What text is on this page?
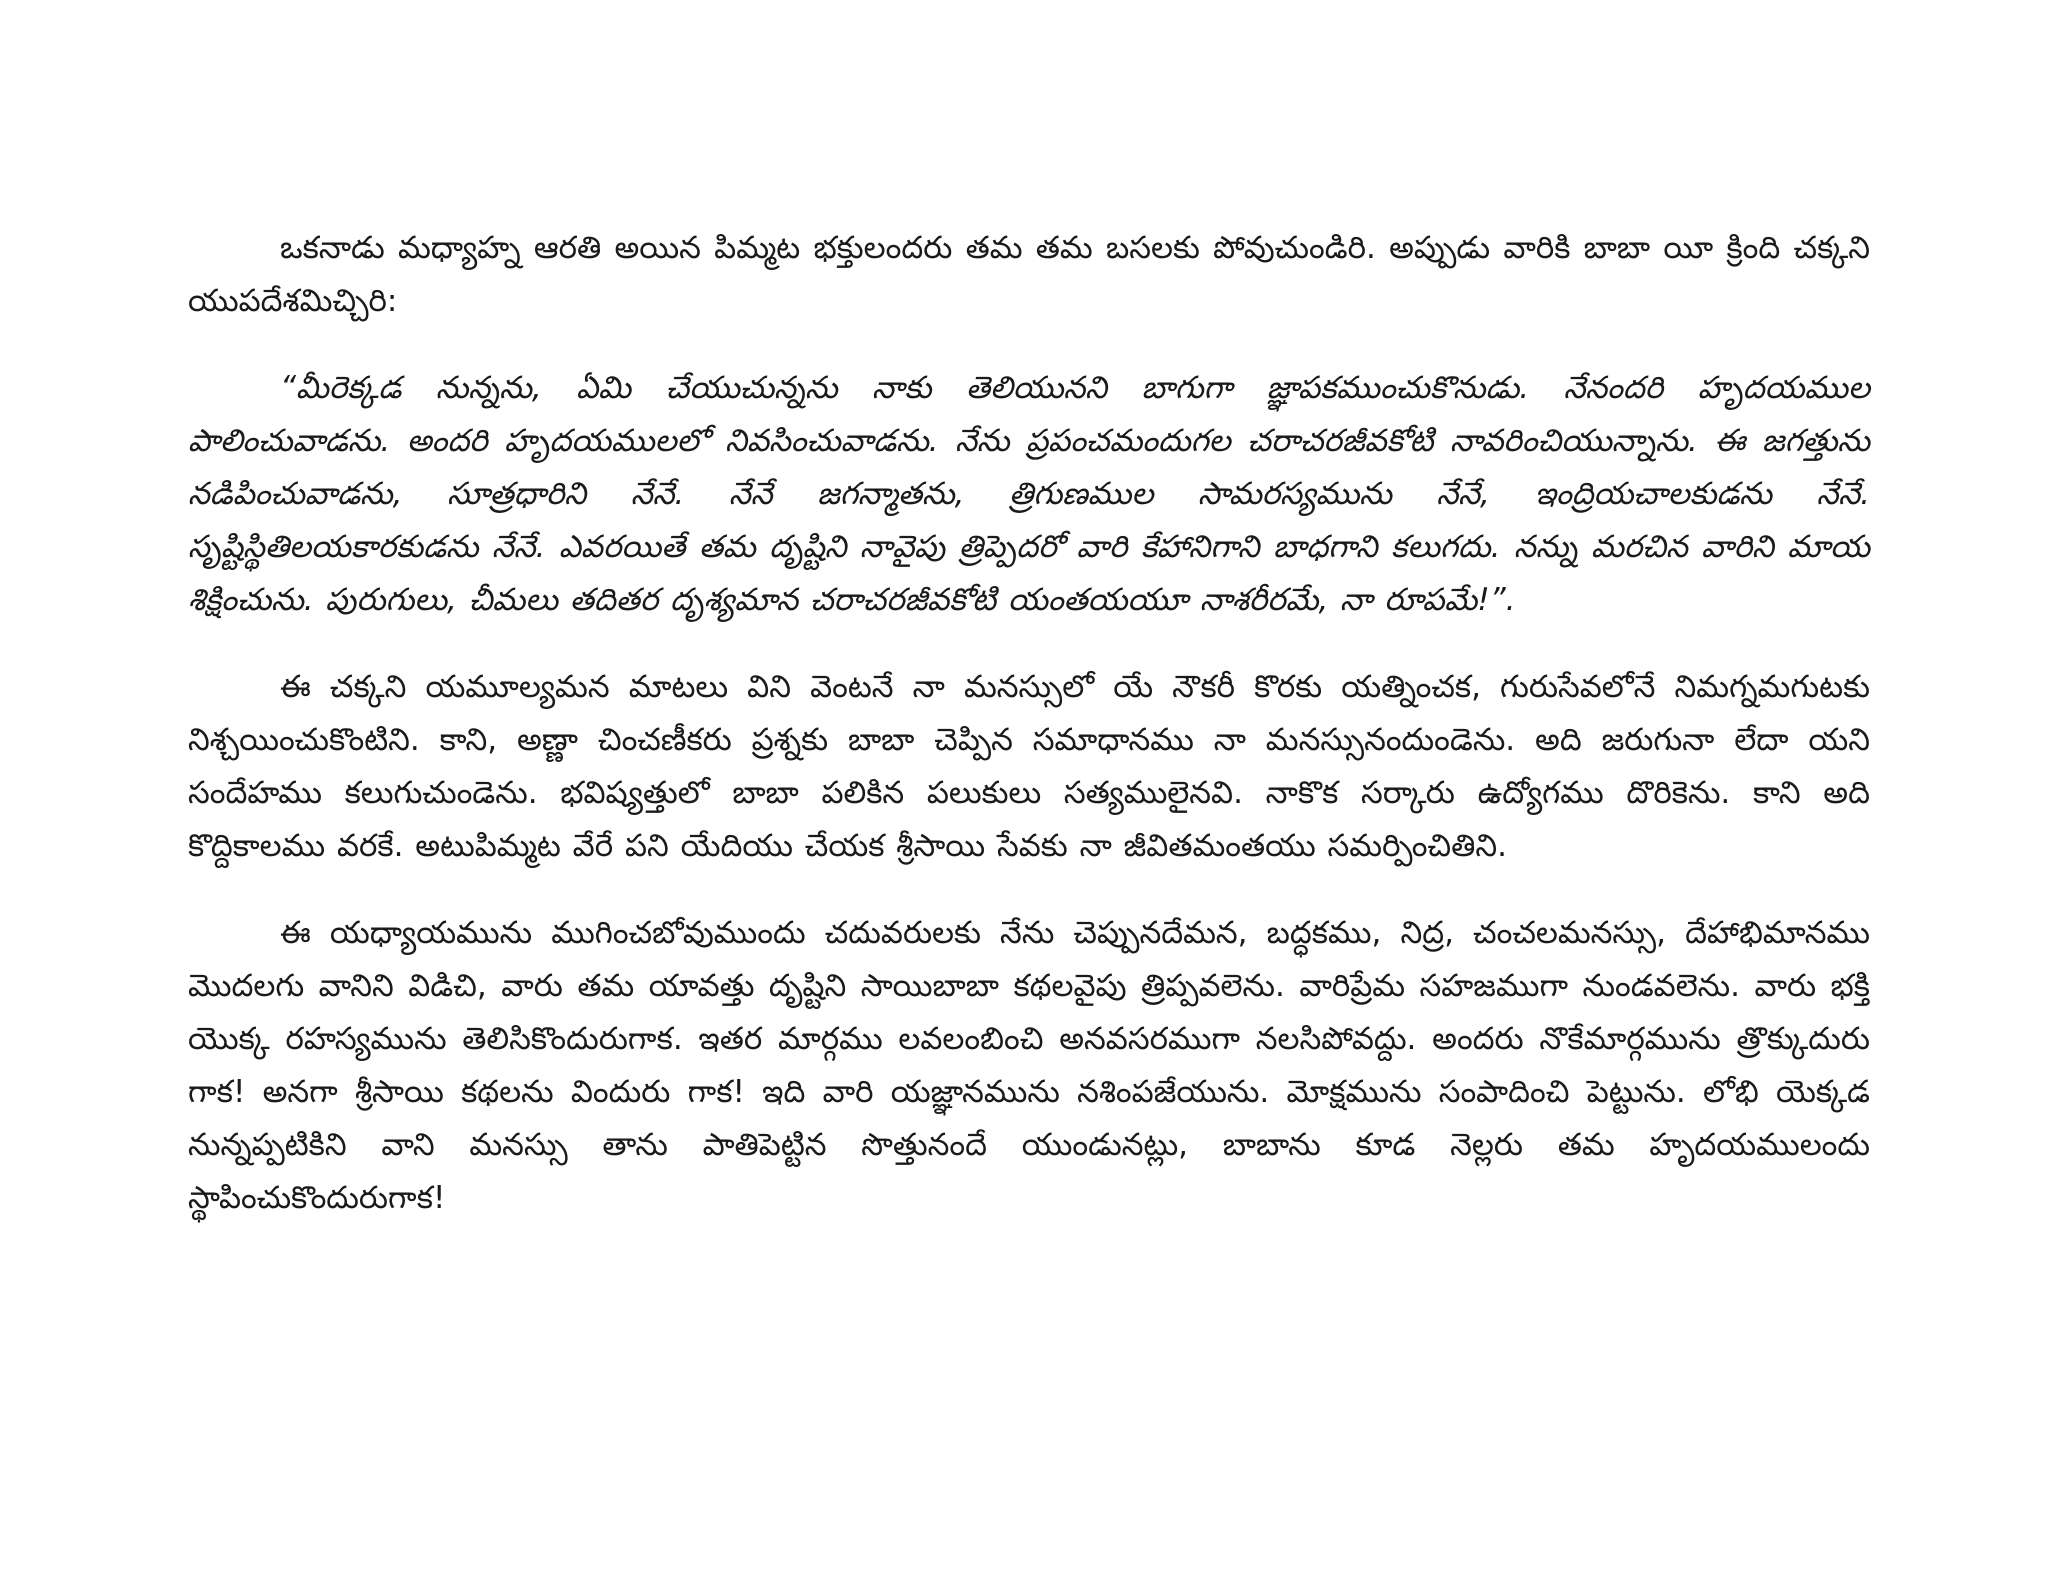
ఒకనాడు మధ్యాహ్న ఆరతి అయిన పిమ్మట భక్తులందరు తమ తమ బసలకు పోవుచుండిరి. అప్పుడు వారికి బాబా యీ క్రింది చక్కని యుపదేశమిచ్చిరి:

“మీరెక్కడ నున్నను, ఏమి చేయుచున్నను నాకు తెలియునని బాగుగా జ్ఞాపకముంచుకొనుడు. నేనందరి హృదయముల పాలించువాడను. అందరి హృదయములలో నివసించువాడను. నేను ప్రపంచమందుగల చరాచరజీవకోటి నావరించియున్నాను. ఈ జగత్తును నడిపించువాడను, సూత్రధారిని నేనే. నేనే జగన్మాతను, త్రిగుణముల సామరస్యమును నేనే, ఇంద్రియచాలకుడను నేనే. సృష్టిస్థితిలయకారకుడను నేనే. ఎవరయితే తమ దృష్టిని నావైపు త్రిప్పెదరో వారి కేహానిగాని బాధగాని కలుగదు. నన్ను మరచిన వారిని మాయ శిక్షించును. పురుగులు, చీమలు తదితర దృశ్యమాన చరాచరజీవకోటి యంతయయూ నాశరీరమే, నా రూపమే!”.

ఈ చక్కని యమూల్యమన మాటలు విని వెంటనే నా మనస్సులో యే నౌకరీ కొరకు యత్నించక, గురుసేవలోనే నిమగ్నమగుటకు నిశ్చయించుకొంటిని. కాని, అణ్ణా చించణీకరు ప్రశ్నకు బాబా చెప్పిన సమాధానము నా మనస్సునందుండెను. అది జరుగునా లేదా యని సందేహము కలుగుచుండెను. భవిష్యత్తులో బాబా పలికిన పలుకులు సత్యములైనవి. నాకొక సర్కారు ఉద్యోగము దొరికెను. కాని అది కొద్దికాలము వరకే. అటుపిమ్మట వేరే పని యేదియు చేయక శ్రీసాయి సేవకు నా జీవితమంతయు సమర్పించితిని.

ఈ యధ్యాయమును ముగించబోవుముందు చదువరులకు నేను చెప్పునదేమన, బద్ధకము, నిద్ర, చంచలమనస్సు, దేహాభిమానము మొదలగు వానిని విడిచి, వారు తమ యావత్తు దృష్టిని సాయిబాబా కథలవైపు త్రిప్పవలెను. వారిప్రేమ సహజముగా నుండవలెను. వారు భక్తి యొక్క రహస్యమును తెలిసికొందురుగాక. ఇతర మార్గము లవలంబించి అనవసరముగా నలసిపోవద్దు. అందరు నొకేమార్గమును త్రొక్కుదురు గాక! అనగా శ్రీసాయి కథలను విందురు గాక! ఇది వారి యజ్ఞానమును నశింపజేయును. మోక్షమును సంపాదించి పెట్టును. లోభి యెక్కడ నున్నప్పటికిని వాని మనస్సు తాను పాతిపెట్టిన సొత్తునందే యుండునట్లు, బాబాను కూడ నెల్లరు తమ హృదయములందు స్థాపించుకొందురుగాక!
